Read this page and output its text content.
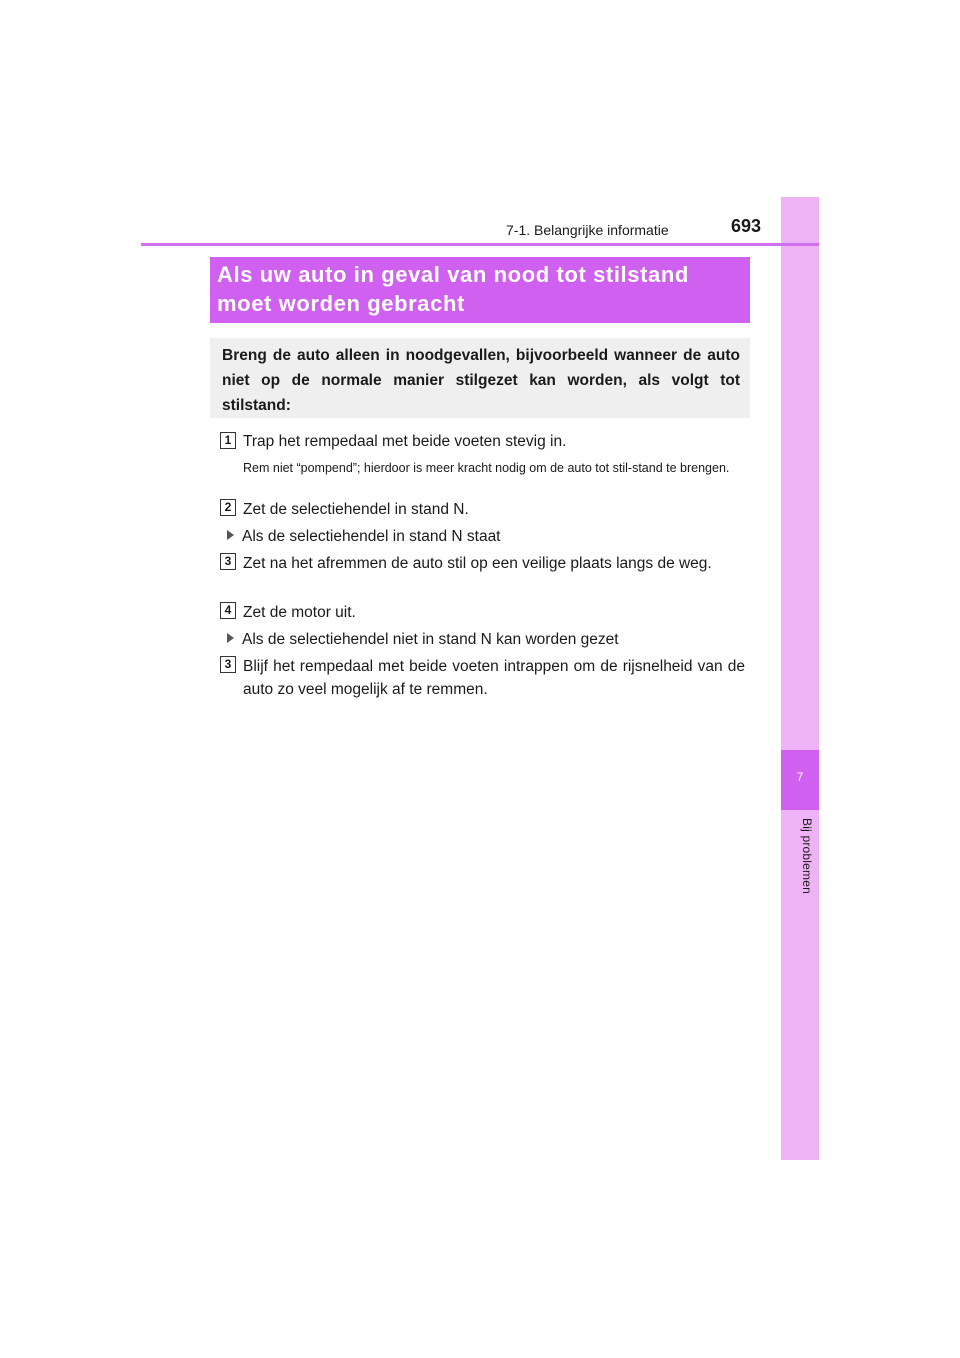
7
Bij problemen
7-1. Belangrijke informatie	693
Als uw auto in geval van nood tot stilstand
moet worden gebracht
Breng de auto alleen in noodgevallen, bijvoorbeeld wanneer de auto niet op de normale manier stilgezet kan worden, als volgt tot stilstand:
1 Trap het rempedaal met beide voeten stevig in.
Rem niet “pompend”; hierdoor is meer kracht nodig om de auto tot stil-stand te brengen.
2 Zet de selectiehendel in stand N.
Als de selectiehendel in stand N staat
3 Zet na het afremmen de auto stil op een veilige plaats langs de weg.
4 Zet de motor uit.
Als de selectiehendel niet in stand N kan worden gezet
3 Blijf het rempedaal met beide voeten intrappen om de rijsnelheid van de auto zo veel mogelijk af te remmen.
